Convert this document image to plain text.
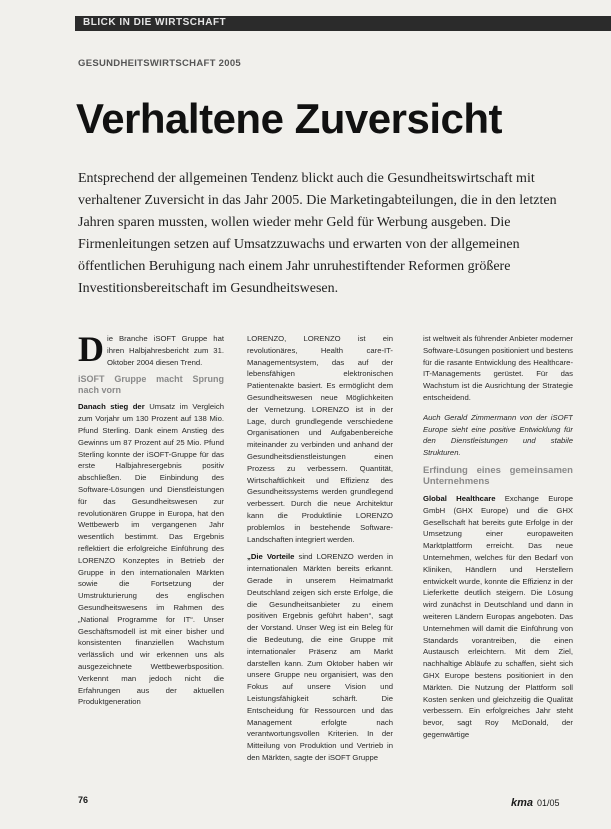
BLICK IN DIE WIRTSCHAFT
GESUNDHEITSWIRTSCHAFT 2005
Verhaltene Zuversicht
Entsprechend der allgemeinen Tendenz blickt auch die Gesundheitswirtschaft mit verhaltener Zuversicht in das Jahr 2005. Die Marketingabteilungen, die in den letzten Jahren sparen mussten, wollen wieder mehr Geld für Werbung ausgeben. Die Firmenleitungen setzen auf Umsatzzuwachs und erwarten von der allgemeinen öffentlichen Beruhigung nach einem Jahr unruhestiftender Reformen größere Investitionsbereitschaft im Gesundheitswesen.

Die Branche iSOFT Gruppe hat ihren Halbjahresbericht zum 31. Oktober 2004 diesen Trend.

iSOFT Gruppe macht Sprung nach vorn

Danach stieg der Umsatz im Vergleich zum Vorjahr um 130 Prozent auf 138 Mio. Pfund Sterling. Dank einem Anstieg des Gewinns um 87 Prozent auf 25 Mio. Pfund Sterling konnte der iSOFT-Gruppe für das erste Halbjahresergebnis positiv abschließen. Die Einbindung des Software-Lösungen und Dienstleistungen für das Gesundheitswesen zur revolutionären Gruppe in Europa, hat den Wettbewerb im vergangenen Jahr wesentlich bestimmt. Das Ergebnis reflektiert die erfolgreiche Einführung des LORENZO Konzeptes in Betrieb der Gruppe in den internationalen Märkten sowie die Fortsetzung der Umstrukturierung des englischen Gesundheitswesens im Rahmen des „National Programme for IT“. Unser Geschäftsmodell ist mit einer bisher und konsistenten finanziellen Wachstum verlässlich und wir erkennen uns als ausgezeichnete Wettbewerbsposition. Verkennt man jedoch nicht die Erfahrungen aus der aktuellen Produktgeneration

LORENZO, LORENZO ist ein revolutionäres, Health care-IT-Managementsystem, das auf der lebensfähigen elektronischen Patientenakte basiert. Es ermöglicht dem Gesundheitswesen neue Möglichkeiten der Vernetzung. LORENZO ist in der Lage, durch grundlegende verschiedene Organisationen und Aufgabenbereiche miteinander zu verbinden und anhand der Gesundheitsdienstleistungen einen Prozess zu verbessern. Quantität, Wirtschaftlichkeit und Effizienz des Gesundheitssystems werden grundlegend verbessert. Durch die neue Architektur kann die Produktlinie LORENZO problemlos in bestehende Software-Landschaften integriert werden.

„Die Vorteile sind LORENZO werden in internationalen Märkten bereits erkannt. Gerade in unserem Heimatmarkt Deutschland zeigen sich erste Erfolge, die die Gesundheitsanbieter zu einem positiven Ergebnis geführt haben“, sagt der Vorstand. Unser Weg ist ein Beleg für die Bedeutung, die eine Gruppe mit internationaler Präsenz am Markt darstellen kann. Zum Oktober haben wir unsere Gruppe neu organisiert, was den Fokus auf unsere Vision und Leistungsfähigkeit schärft. Die Entscheidung für Ressourcen und das Management erfolgte nach verantwortungsvollen Kriterien. In der Mitteilung von Produktion und Vertrieb in den Märkten, sagte der iSOFT Gruppe

ist weltweit als führender Anbieter moderner Software-Lösungen positioniert und bestens für die rasante Entwicklung des Healthcare-IT-Managements gerüstet. Für das Wachstum ist die Ausrichtung der Strategie entscheidend.

Auch Gerald Zimmermann von der iSOFT Europe sieht eine positive Entwicklung für den Dienstleistungen und stabile Strukturen.

Erfindung eines gemeinsamen Unternehmens

Global Healthcare Exchange Europe GmbH (GHX Europe) und die GHX Gesellschaft hat bereits gute Erfolge in der Umsetzung einer europaweiten Marktplattform erreicht. Das neue Unternehmen, welches für den Bedarf von Kliniken, Händlern und Herstellern entwickelt wurde, konnte die Effizienz in der Lieferkette deutlich steigern. Die Lösung wird zunächst in Deutschland und dann in weiteren Ländern Europas angeboten. Das Unternehmen will damit die Einführung von Standards vorantreiben, die einen Austausch erleichtern. Mit dem Ziel, nachhaltige Abläufe zu schaffen, sieht sich GHX Europe bestens positioniert in den Märkten. Die Nutzung der Plattform soll Kosten senken und gleichzeitig die Qualität verbessern. Ein erfolgreiches Jahr steht bevor, sagt Roy McDonald, der gegenwärtige

76	kma 01/05
